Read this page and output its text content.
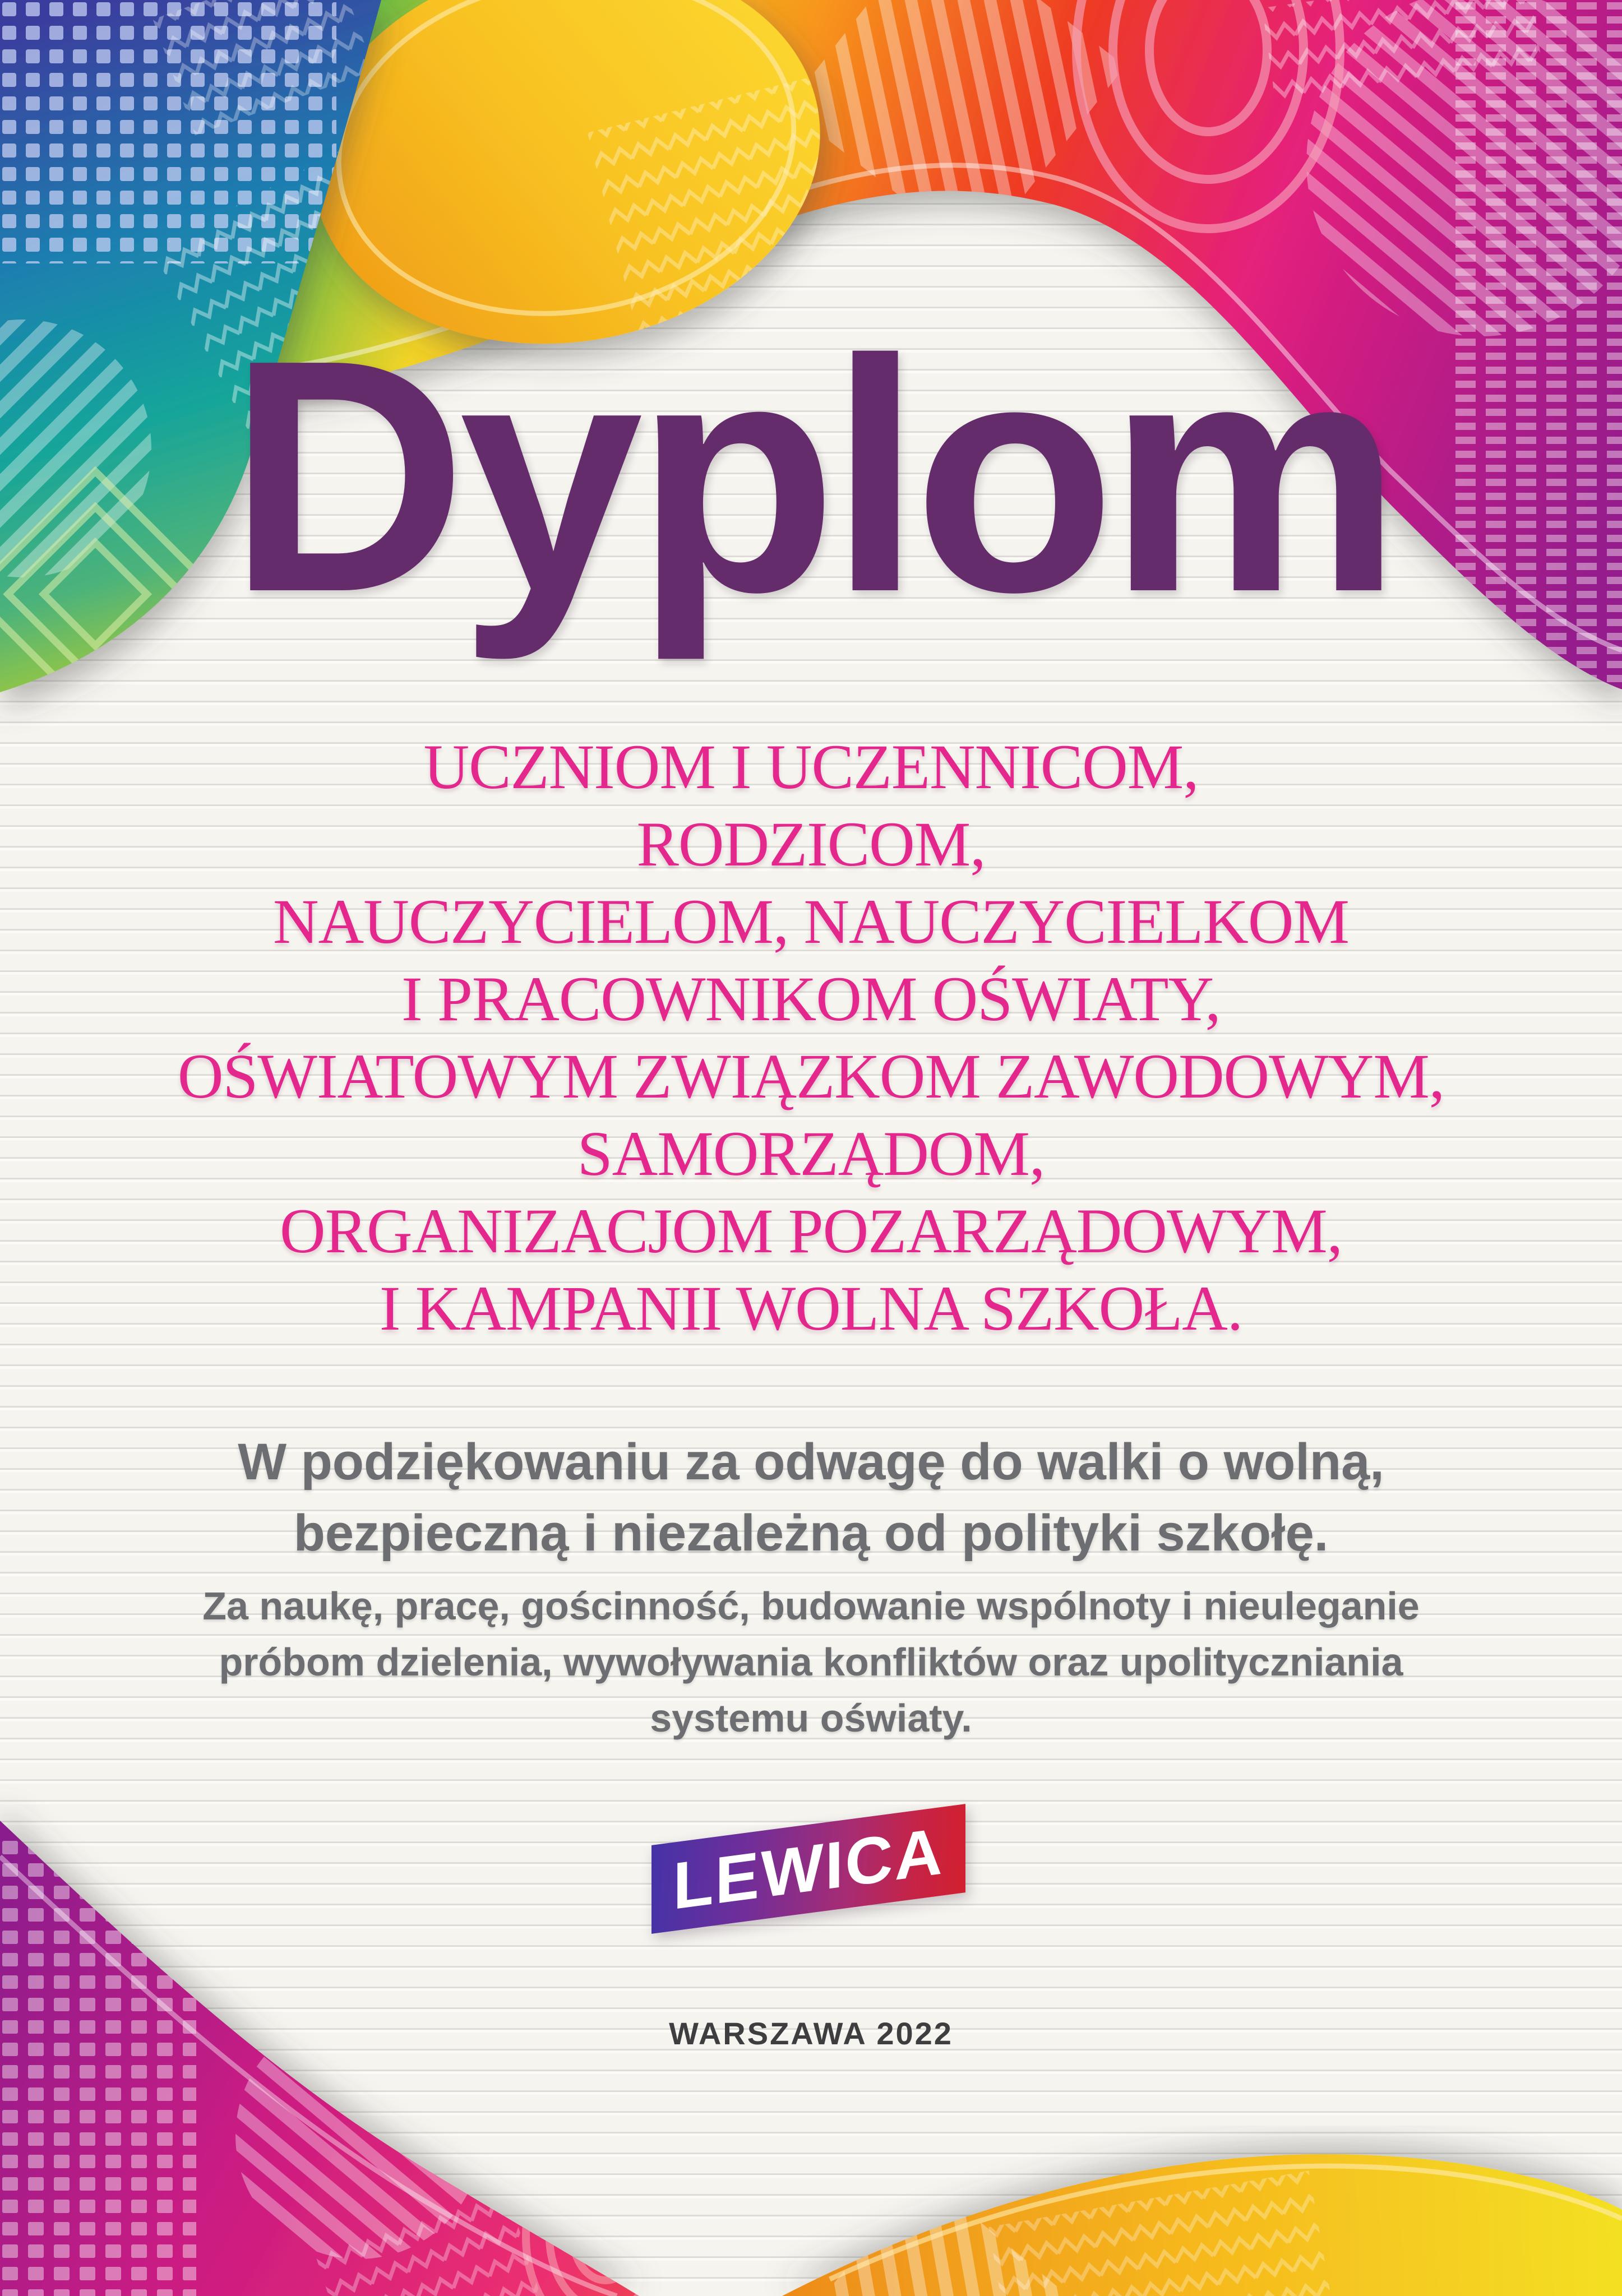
Dyplom
UCZNIOM I UCZENNICOM,
RODZICOM,
NAUCZYCIELOM, NAUCZYCIELKOM
I PRACOWNIKOM OŚWIATY,
OŚWIATOWYM ZWIĄZKOM ZAWODOWYM,
SAMORZĄDOM,
ORGANIZACJOM POZARZĄDOWYM,
I KAMPANII WOLNA SZKOŁA.
W podziękowaniu za odwagę do walki o wolną,
bezpieczną i niezależną od polityki szkołę.
Za naukę, pracę, gościnność, budowanie wspólnoty i nieuleganie
próbom dzielenia, wywoływania konfliktów oraz upolityczniania
systemu oświaty.
LEWICA
WARSZAWA 2022
